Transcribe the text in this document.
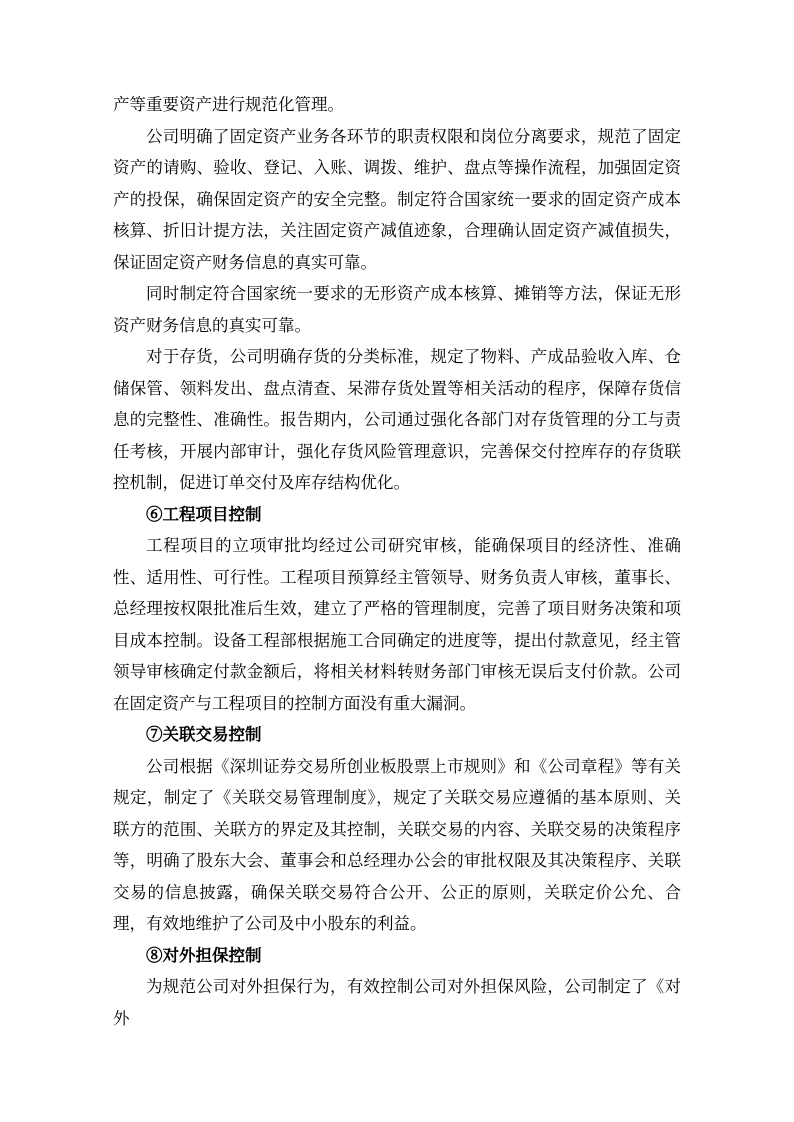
产等重要资产进行规范化管理。

公司明确了固定资产业务各环节的职责权限和岗位分离要求，规范了固定资产的请购、验收、登记、入账、调拨、维护、盘点等操作流程，加强固定资产的投保，确保固定资产的安全完整。制定符合国家统一要求的固定资产成本核算、折旧计提方法，关注固定资产减值迹象，合理确认固定资产减值损失，保证固定资产财务信息的真实可靠。

同时制定符合国家统一要求的无形资产成本核算、摊销等方法，保证无形资产财务信息的真实可靠。

对于存货，公司明确存货的分类标准，规定了物料、产成品验收入库、仓储保管、领料发出、盘点清查、呆滞存货处置等相关活动的程序，保障存货信息的完整性、准确性。报告期内，公司通过强化各部门对存货管理的分工与责任考核，开展内部审计，强化存货风险管理意识，完善保交付控库存的存货联控机制，促进订单交付及库存结构优化。

⑥工程项目控制

工程项目的立项审批均经过公司研究审核，能确保项目的经济性、准确性、适用性、可行性。工程项目预算经主管领导、财务负责人审核，董事长、总经理按权限批准后生效，建立了严格的管理制度，完善了项目财务决策和项目成本控制。设备工程部根据施工合同确定的进度等，提出付款意见，经主管领导审核确定付款金额后，将相关材料转财务部门审核无误后支付价款。公司在固定资产与工程项目的控制方面没有重大漏洞。

⑦关联交易控制

公司根据《深圳证券交易所创业板股票上市规则》和《公司章程》等有关规定，制定了《关联交易管理制度》，规定了关联交易应遵循的基本原则、关联方的范围、关联方的界定及其控制，关联交易的内容、关联交易的决策程序等，明确了股东大会、董事会和总经理办公会的审批权限及其决策程序、关联交易的信息披露，确保关联交易符合公开、公正的原则，关联定价公允、合理，有效地维护了公司及中小股东的利益。

⑧对外担保控制

为规范公司对外担保行为，有效控制公司对外担保风险，公司制定了《对外
